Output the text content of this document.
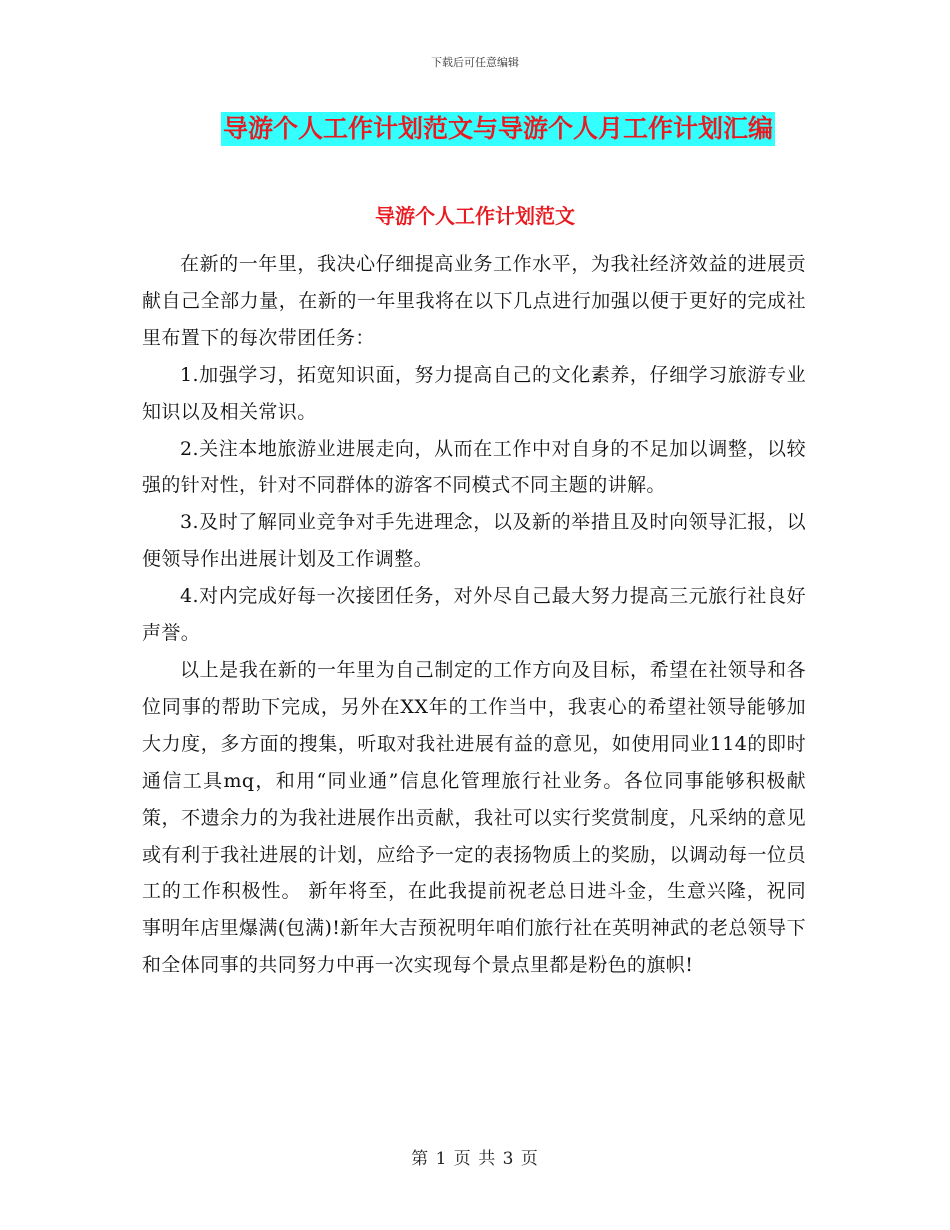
下载后可任意编辑
导游个人工作计划范文与导游个人月工作计划汇编
导游个人工作计划范文

在新的一年里，我决心仔细提高业务工作水平，为我社经济效益的进展贡献自己全部力量，在新的一年里我将在以下几点进行加强以便于更好的完成社里布置下的每次带团任务：

1.加强学习，拓宽知识面，努力提高自己的文化素养，仔细学习旅游专业知识以及相关常识。

2.关注本地旅游业进展走向，从而在工作中对自身的不足加以调整，以较强的针对性，针对不同群体的游客不同模式不同主题的讲解。

3.及时了解同业竞争对手先进理念，以及新的举措且及时向领导汇报，以便领导作出进展计划及工作调整。

4.对内完成好每一次接团任务，对外尽自己最大努力提高三元旅行社良好声誉。

以上是我在新的一年里为自己制定的工作方向及目标，希望在社领导和各位同事的帮助下完成，另外在XX年的工作当中，我衷心的希望社领导能够加大力度，多方面的搜集，听取对我社进展有益的意见，如使用同业114的即时通信工具mq，和用“同业通”信息化管理旅行社业务。各位同事能够积极献策，不遗余力的为我社进展作出贡献，我社可以实行奖赏制度，凡采纳的意见或有利于我社进展的计划，应给予一定的表扬物质上的奖励，以调动每一位员工的工作积极性。 新年将至，在此我提前祝老总日进斗金，生意兴隆，祝同事明年店里爆满(包满)!新年大吉预祝明年咱们旅行社在英明神武的老总领导下和全体同事的共同努力中再一次实现每个景点里都是粉色的旗帜!

第 1 页 共 3 页
